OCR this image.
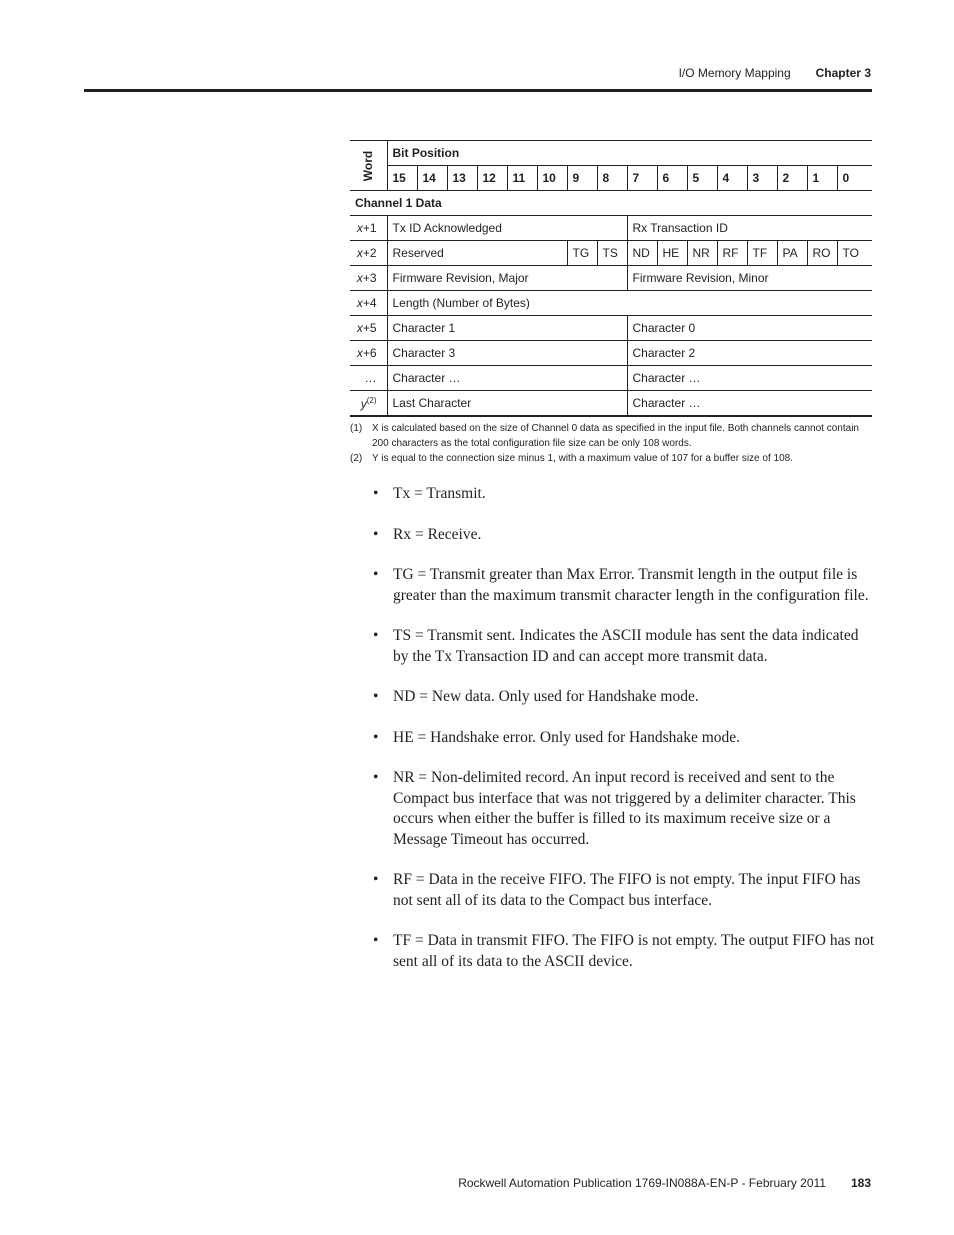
I/O Memory Mapping Chapter 3
Word	Bit Position															
	15	14	13	12	11	10	9	8	7	6	5	4	3	2	1	0
Channel 1 Data																
x+1	Tx ID Acknowledged								Rx Transaction ID							
x+2	Reserved						TG	TS	ND	HE	NR	RF	TF	PA	RO	TO
x+3	Firmware Revision, Major								Firmware Revision, Minor							
x+4	Length (Number of Bytes)															
x+5	Character 1								Character 0							
x+6	Character 3								Character 2							
…	Character …								Character …							
$y^{(2)}$	Last Character								Character …							
(1) X is calculated based on the size of Channel 0 data as specified in the input file. Both channels cannot contain 200 characters as the total configuration file size can be only 108 words.
(2) Y is equal to the connection size minus 1, with a maximum value of 107 for a buffer size of 108.
• Tx = Transmit.
• Rx = Receive.
• TG = Transmit greater than Max Error. Transmit length in the output file is greater than the maximum transmit character length in the configuration file.
• TS = Transmit sent. Indicates the ASCII module has sent the data indicated by the Tx Transaction ID and can accept more transmit data.
• ND = New data. Only used for Handshake mode.
• HE = Handshake error. Only used for Handshake mode.
• NR = Non-delimited record. An input record is received and sent to the Compact bus interface that was not triggered by a delimiter character. This occurs when either the buffer is filled to its maximum receive size or a Message Timeout has occurred.
• RF = Data in the receive FIFO. The FIFO is not empty. The input FIFO has not sent all of its data to the Compact bus interface.
• TF = Data in transmit FIFO. The FIFO is not empty. The output FIFO has not sent all of its data to the ASCII device.
Rockwell Automation Publication 1769-IN088A-EN-P - February 2011 183
